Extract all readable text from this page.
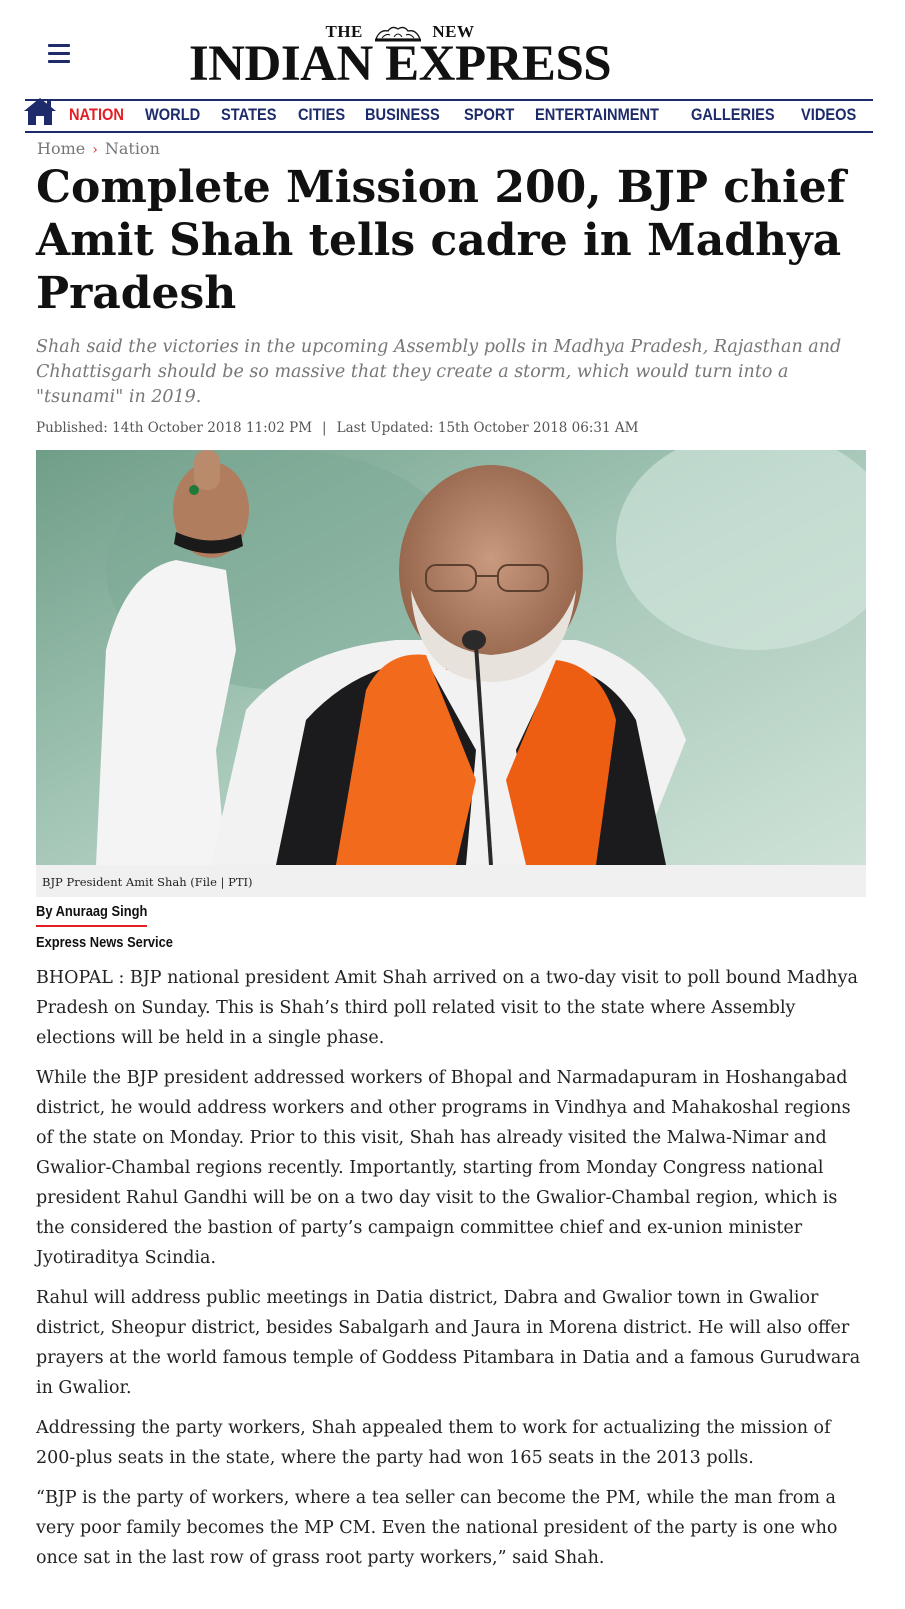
THE	NEW
INDIAN EXPRESS
NATION WORLD STATES CITIES BUSINESS SPORT ENTERTAINMENT GALLERIES VIDEOS
Home › Nation
Complete Mission 200, BJP chief Amit Shah tells cadre in Madhya Pradesh

Shah said the victories in the upcoming Assembly polls in Madhya Pradesh, Rajasthan and Chhattisgarh should be so massive that they create a storm, which would turn into a "tsunami" in 2019.

Published: 14th October 2018 11:02 PM | Last Updated: 15th October 2018 06:31 AM
BJP President Amit Shah (File | PTI)
By Anuraag Singh
Express News Service

BHOPAL : BJP national president Amit Shah arrived on a two-day visit to poll bound Madhya Pradesh on Sunday. This is Shah’s third poll related visit to the state where Assembly elections will be held in a single phase.

While the BJP president addressed workers of Bhopal and Narmadapuram in Hoshangabad district, he would address workers and other programs in Vindhya and Mahakoshal regions of the state on Monday. Prior to this visit, Shah has already visited the Malwa-Nimar and Gwalior-Chambal regions recently. Importantly, starting from Monday Congress national president Rahul Gandhi will be on a two day visit to the Gwalior-Chambal region, which is the considered the bastion of party’s campaign committee chief and ex-union minister Jyotiraditya Scindia.

Rahul will address public meetings in Datia district, Dabra and Gwalior town in Gwalior district, Sheopur district, besides Sabalgarh and Jaura in Morena district. He will also offer prayers at the world famous temple of Goddess Pitambara in Datia and a famous Gurudwara in Gwalior.

Addressing the party workers, Shah appealed them to work for actualizing the mission of 200-plus seats in the state, where the party had won 165 seats in the 2013 polls.

“BJP is the party of workers, where a tea seller can become the PM, while the man from a very poor family becomes the MP CM. Even the national president of the party is one who once sat in the last row of grass root party workers,” said Shah.
